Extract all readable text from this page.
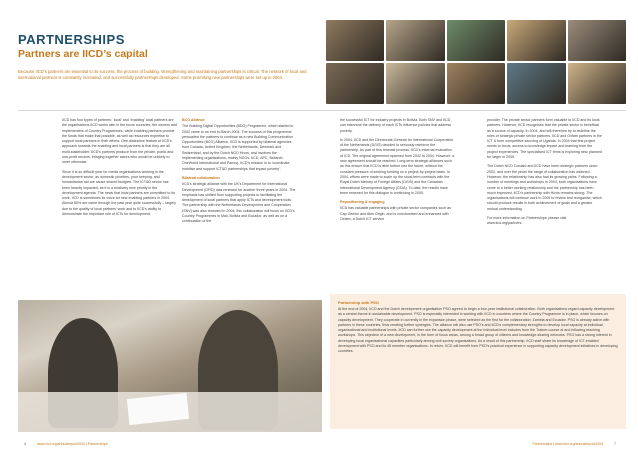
PARTNERSHIPS
Partners are IICD’s capital
Because IICD’s partners are essential to its success, the process of building, strengthening and maintaining partnerships is critical. The network of local and international partners is constantly increased, and successfully partnerships developed. Some promising new partnerships were set up in 2004.

IICD has four types of partners: ‘local’ and ‘enabling’ local partners are the organisations IICD works with in the focus countries, the owners and implementers of Country Programmes, while enabling partners provide the funds that make that possible, as well as resources expertise to support local partners in their efforts. One distinctive feature of IICD’s approach towards the enabling and local partners is that they are all multi-stakeholder. IICD’s partners produce from the private, public and non-profit sectors, bringing together actors who would be unlikely to meet otherwise.

Since it is so difficult year for media organisations working in the development sector, as domestic priorities, poor keeping, and humanitarian aid are cause shared budgets. The ICT&D sector has been heavily impacted, as it is a relatively new priority in the development agenda. The news that local partners are committed to its work, IICD is sometimes its voice for new enabling partners in 2004. Almost 80% are came through the past year quite successfully – largely due to the quality of local partners’ work and to IICD’s ability to demonstrate the important role of ICTs for development.

BCO Alliance

The Building Digital Opportunities (BDO) Programme, which started in 2002 came to an end in March 2004. The success of this programme persuaded the partners to continue as a new Building Communication Opportunities (BCO) Alliance. IICD is supported by bilateral agencies from Canada, United Kingdom, the Netherlands, Denmark and Switzerland, and by the Dutch NGO Hivos, and involves the implementing organisations, mainly NGOs. IICD, APC, Bellanet, OneWorld International and Panos). IICD’s mission is to ‘coordinate, mobilise and support ICT&D partnerships that impact poverty’.

Bilateral collaboration

IICD’s strategic alliance with the UK’s Department for International Development (DFID) was renewed for another three years in 2004. The emphasis has shifted from supporting projects to facilitating the development of local partners that apply ICTs and development tools. The partnership with the Netherlands Development and Cooperation (SNV) was also renewed in 2004; this collaboration will focus on IICD’s Country Programmes in Mali, Bolivia and Ecuador, as well as on a continuation of the

the successful ICT for industry projects in Bolivia. Both SNV and IICD can intervene the delivery of each ICTs influence policies that address poverty.

In 2004, IICD and the Directorate-General for International Cooperation of the Netherlands (DGIS) decided to seriously reinforce the partnership. As part of this renewal process, IICD’s external evaluation of ICD. The original agreement spanned from 2002 to 2004. However, a new agreement should be reached. Long-term strategic alliances such as this ensure that IICD is able further into the future, without the constant pressure of seeking funding on a project-by-project basis. In 2004, efforts were made to scale up the short-term contracts with the Royal Dutch Ministry of Foreign Affairs (DGIS) and the Canadian International Development Agency (CIDA). To date, the results have been renewed for this dialogue is continuing in 2005.

Repositioning & engaging

IICD has valuable partnerships with private sector companies such as Cap Gemini and Atos Origin, and is corroborated and enhanced with Oxfam, a Dutch ICT service

provider. The private sector partners form valuable to IICD and its local partners. However, IICD recognises that the private sector is beneficial as a source of capacity. In 2004, and will therefore try to redefine the roles of strategic private sector partners. IICD and Oxfam partners in the ICT & form competitive sourcing of Uganda. In 2004 that first project needs to focus, access to knowledge impact and learning from the project experiences. The specialised ICT firms is exploring new, planned for larger in 2005.

The Dutch NGO Cordaid and IICD have been strategic partners since 2002, and over the years the range of collaboration has widened. However, the relationship has also had its growing pains. Following a number of meetings and workshops in 2004, both organisations have come to a better working relationship and the partnership has been much improved. IICD’s partnership with Hivos remains strong. The organisations will continue work in 2005 to review and reorganise, which should produce results in both achievement of goals and a greater mutual understanding.

For more information on Partnerships, please visit www.iicd.org/partners.

Partnership with PSO
At the end of 2004, IICD and the Dutch development organisation PSO agreed to begin a four-year institutional collaboration. Both organisations regard capacity development as a central theme in sustainable development. PSO is especially interested in working with IICD in countries where the Country Programme is in place, which focuses on capacity development. They cooperate in currently in the expansion phase, were selected as the first for the collaboration: Zambia and Ecuador. PSO is already active with partners in these countries, thus creating further synergies. The alliance will also use PSO’s and IICD’s complementary strengths to develop local capacity at individual, organisational and institutional levels. IICD can further use the capacity development at the individual level includes from the Trainer-course at and following teaching workshops. This objective of a new development, in the form of focus areas, among a broad group of citizens and knowledge-sharing networks. PSO has a strong interest in developing local organisational capacities particularly among civil society organisations. As a result of this partnership, IICD staff share its knowledge of ICT-enabled development with PSO and its 45 member organisations. In return, IICD will benefit from PSO’s practical experience in supporting capacity development initiatives in developing countries.
4	www.iicd.org/annualreport2004 | Partnerships	Partnerships | www.iicd.org/annualreport2004	7
